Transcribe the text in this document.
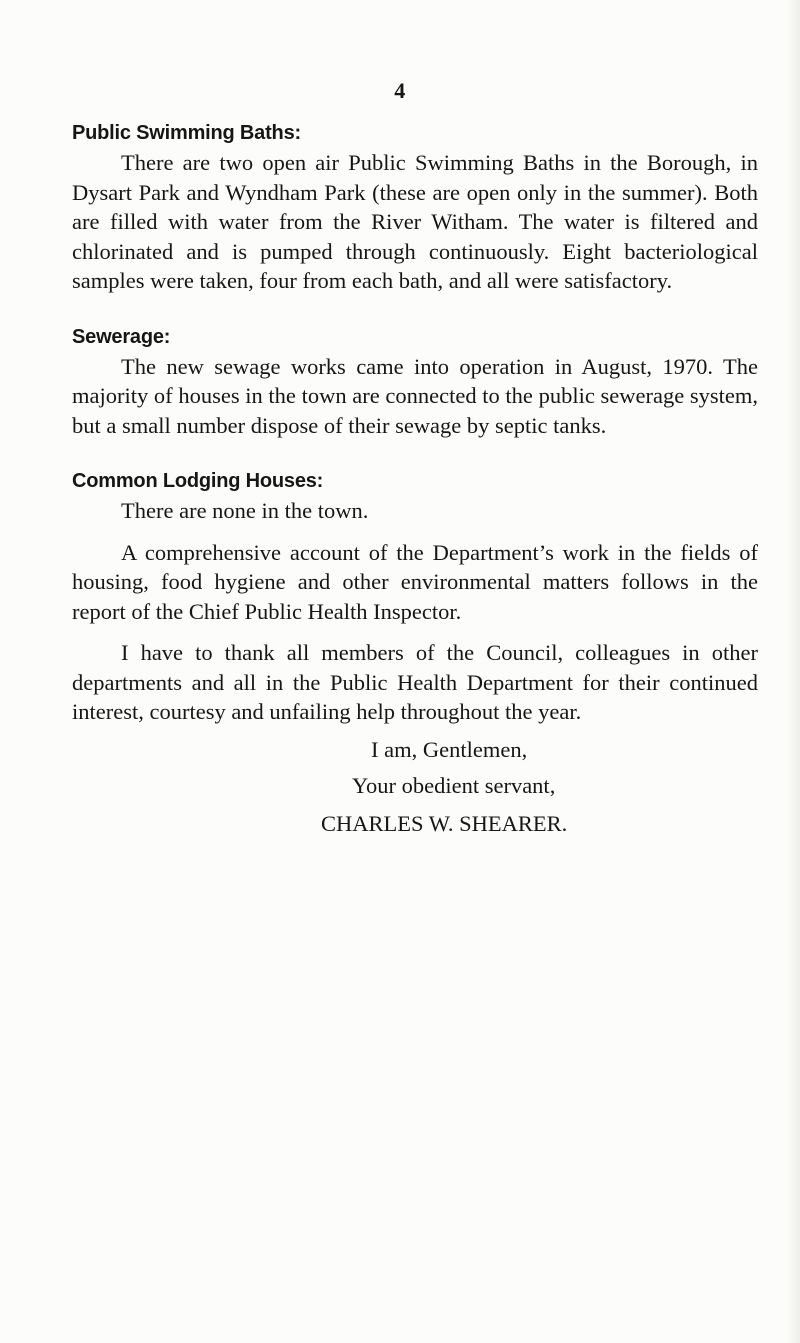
4
Public Swimming Baths:

There are two open air Public Swimming Baths in the Borough, in Dysart Park and Wyndham Park (these are open only in the summer). Both are filled with water from the River Witham. The water is filtered and chlorinated and is pumped through continuously. Eight bacteriological samples were taken, four from each bath, and all were satisfactory.

Sewerage:

The new sewage works came into operation in August, 1970. The majority of houses in the town are connected to the public sewerage system, but a small number dispose of their sewage by septic tanks.

Common Lodging Houses:

There are none in the town.

A comprehensive account of the Department’s work in the fields of housing, food hygiene and other environmental matters follows in the report of the Chief Public Health Inspector.

I have to thank all members of the Council, colleagues in other departments and all in the Public Health Department for their continued interest, courtesy and unfailing help throughout the year.

I am, Gentlemen,

Your obedient servant,

CHARLES W. SHEARER.
